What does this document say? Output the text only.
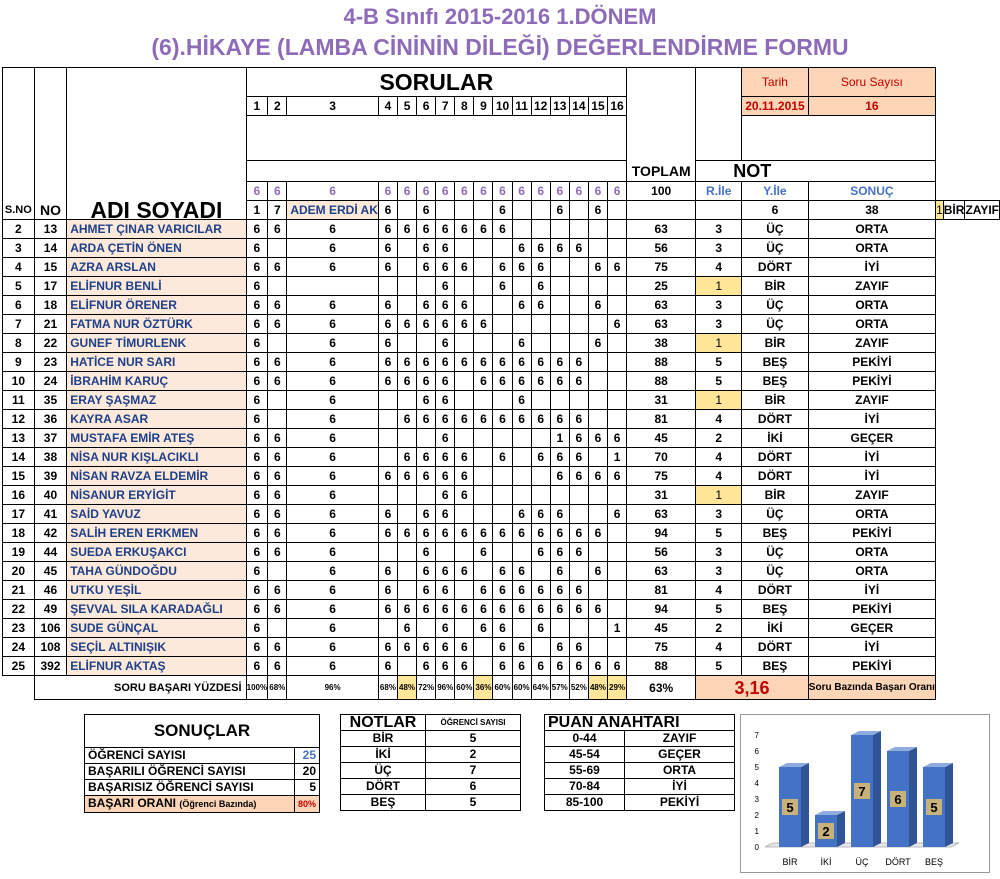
4-B Sınıfı 2015-2016 1.DÖNEM
(6).HİKAYE (LAMBA CİNİNİN DİLEĞİ) DEĞERLENDİRME FORMU
S.NO	NO	ADI SOYADI	SORULAR																		Tarih	Soru Sayısı			
			1	2	3	4	5	6	7	8	9	10	11	12	13	14	15	16			20.11.2015	16			

																			TOPLAM	NOT					
			6	6	6	6	6	6	6	6	6	6	6	6	6	6	6	6	100	R.İle	Y.İle	SONUÇ			
			1	7	ADEM ERDİ AK	6		6				6			6		6				6	38	1	BİR	ZAYIF
2	13	AHMET ÇINAR VARICILAR	6	6	6	6	6	6	6	6	6	6							63	3	ÜÇ	ORTA			
3	14	ARDA ÇETİN ÖNEN	6		6	6		6	6				6	6	6	6			56	3	ÜÇ	ORTA			
4	15	AZRA ARSLAN	6	6	6	6		6	6	6		6	6	6			6	6	75	4	DÖRT	İYİ			
5	17	ELİFNUR BENLİ	6						6			6		6					25	1	BİR	ZAYIF			
6	18	ELİFNUR ÖRENER	6	6	6	6		6	6	6			6	6			6		63	3	ÜÇ	ORTA			
7	21	FATMA NUR ÖZTÜRK	6	6	6	6	6	6	6	6	6							6	63	3	ÜÇ	ORTA			
8	22	GUNEF TİMURLENK	6		6	6			6				6				6		38	1	BİR	ZAYIF			
9	23	HATİCE NUR SARI	6	6	6	6	6	6	6	6	6	6	6	6	6	6			88	5	BEŞ	PEKİYİ			
10	24	İBRAHİM KARUÇ	6	6	6	6	6	6	6		6	6	6	6	6	6			88	5	BEŞ	PEKİYİ			
11	35	ERAY ŞAŞMAZ	6		6			6	6				6						31	1	BİR	ZAYIF			
12	36	KAYRA ASAR	6		6		6	6	6	6	6	6	6	6	6	6			81	4	DÖRT	İYİ			
13	37	MUSTAFA EMİR ATEŞ	6	6	6				6						1	6	6	6	45	2	İKİ	GEÇER			
14	38	NİSA NUR KIŞLACIKLI	6	6	6		6	6	6	6		6		6	6	6		1	70	4	DÖRT	İYİ			
15	39	NİSAN RAVZA ELDEMİR	6	6	6	6	6	6	6	6					6	6	6	6	75	4	DÖRT	İYİ			
16	40	NİSANUR ERYİGİT	6	6	6				6	6									31	1	BİR	ZAYIF			
17	41	SAİD YAVUZ	6	6	6	6		6	6				6	6	6			6	63	3	ÜÇ	ORTA			
18	42	SALİH EREN ERKMEN	6	6	6	6	6	6	6	6	6	6	6	6	6	6	6		94	5	BEŞ	PEKİYİ			
19	44	SUEDA ERKUŞAKCI	6	6	6			6			6			6	6	6			56	3	ÜÇ	ORTA			
20	45	TAHA GÜNDOĞDU	6		6	6		6	6	6		6	6		6		6		63	3	ÜÇ	ORTA			
21	46	UTKU YEŞİL	6	6	6	6		6	6		6	6	6	6	6	6			81	4	DÖRT	İYİ			
22	49	ŞEVVAL SILA KARADAĞLI	6	6	6	6	6	6	6	6	6	6	6	6	6	6	6		94	5	BEŞ	PEKİYİ			
23	106	SUDE GÜNÇAL	6		6		6		6		6	6		6				1	45	2	İKİ	GEÇER			
24	108	SEÇİL ALTINIŞIK	6	6	6	6	6	6	6	6		6	6		6	6			75	4	DÖRT	İYİ			
25	392	ELİFNUR AKTAŞ	6	6	6	6		6	6	6		6	6	6	6	6	6	6	88	5	BEŞ	PEKİYİ			
	SORU BAŞARI YÜZDESİ		100%	68%	96%	68%	48%	72%	96%	60%	36%	60%	60%	64%	57%	52%	48%	29%	63%	3,16		Soru Bazında Başarı Oranı			
SONUÇLAR	
ÖĞRENCİ SAYISI	25
BAŞARILI ÖĞRENCİ SAYISI	20
BAŞARISIZ ÖĞRENCİ SAYISI	5
BAŞARI ORANI (Öğrenci Bazında)	80%
NOTLAR	ÖĞRENCİ SAYISI
BİR	5
İKİ	2
ÜÇ	7
DÖRT	6
BEŞ	5
PUAN ANAHTARI	
0-44	ZAYIF
45-54	GEÇER
55-69	ORTA
70-84	İYİ
85-100	PEKİYİ
0
1
2
3
4
5
6
7
5
BİR
2
İKİ
7
ÜÇ
6
DÖRT
5
BEŞ
